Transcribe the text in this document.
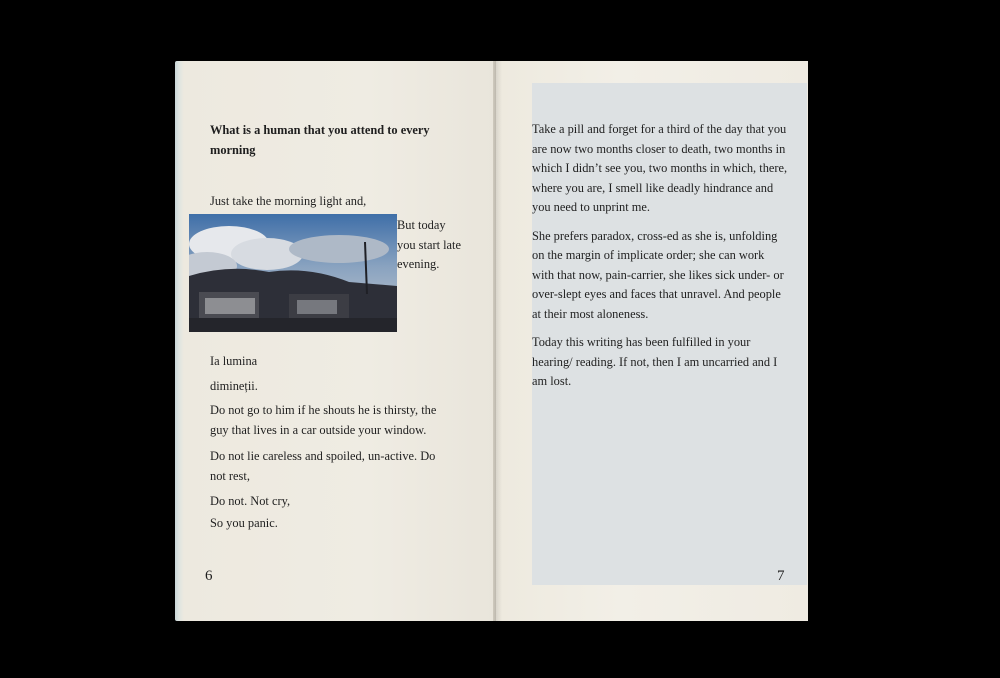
What is a human that you attend to every morning
Just take the morning light and,
But today you start late evening.
Ia lumina
dimineții.
Do not go to him if he shouts he is thirsty, the guy that lives in a car outside your window.
Do not lie careless and spoiled, un-active. Do not rest,
Do not. Not cry,
So you panic.
6

Take a pill and forget for a third of the day that you are now two months closer to death, two months in which I didn’t see you, two months in which, there, where you are, I smell like deadly hindrance and you need to unprint me.

She prefers paradox, cross-ed as she is, unfolding on the margin of implicate order; she can work with that now, pain-carrier, she likes sick under- or over-slept eyes and faces that unravel. And people at their most aloneness.

Today this writing has been fulfilled in your hearing/ reading. If not, then I am uncarried and I am lost.

7
